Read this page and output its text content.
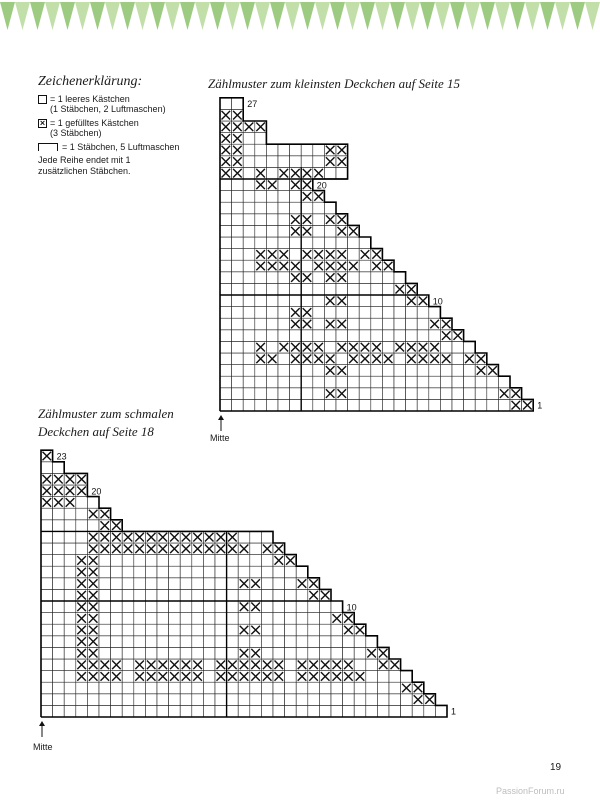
Zeichenerklärung:
= 1 leeres Kästchen
(1 Stäbchen, 2 Luftmaschen)
× = 1 gefülltes Kästchen
(3 Stäbchen)
= 1 Stäbchen, 5 Luftmaschen
Jede Reihe endet mit 1 zusätzlichen Stäbchen.
Zählmuster zum kleinsten Deckchen auf Seite 15
27
20
10
1
Mitte
Zählmuster zum schmalen
Deckchen auf Seite 18
23
20
10
1
Mitte
19
PassionForum.ru
